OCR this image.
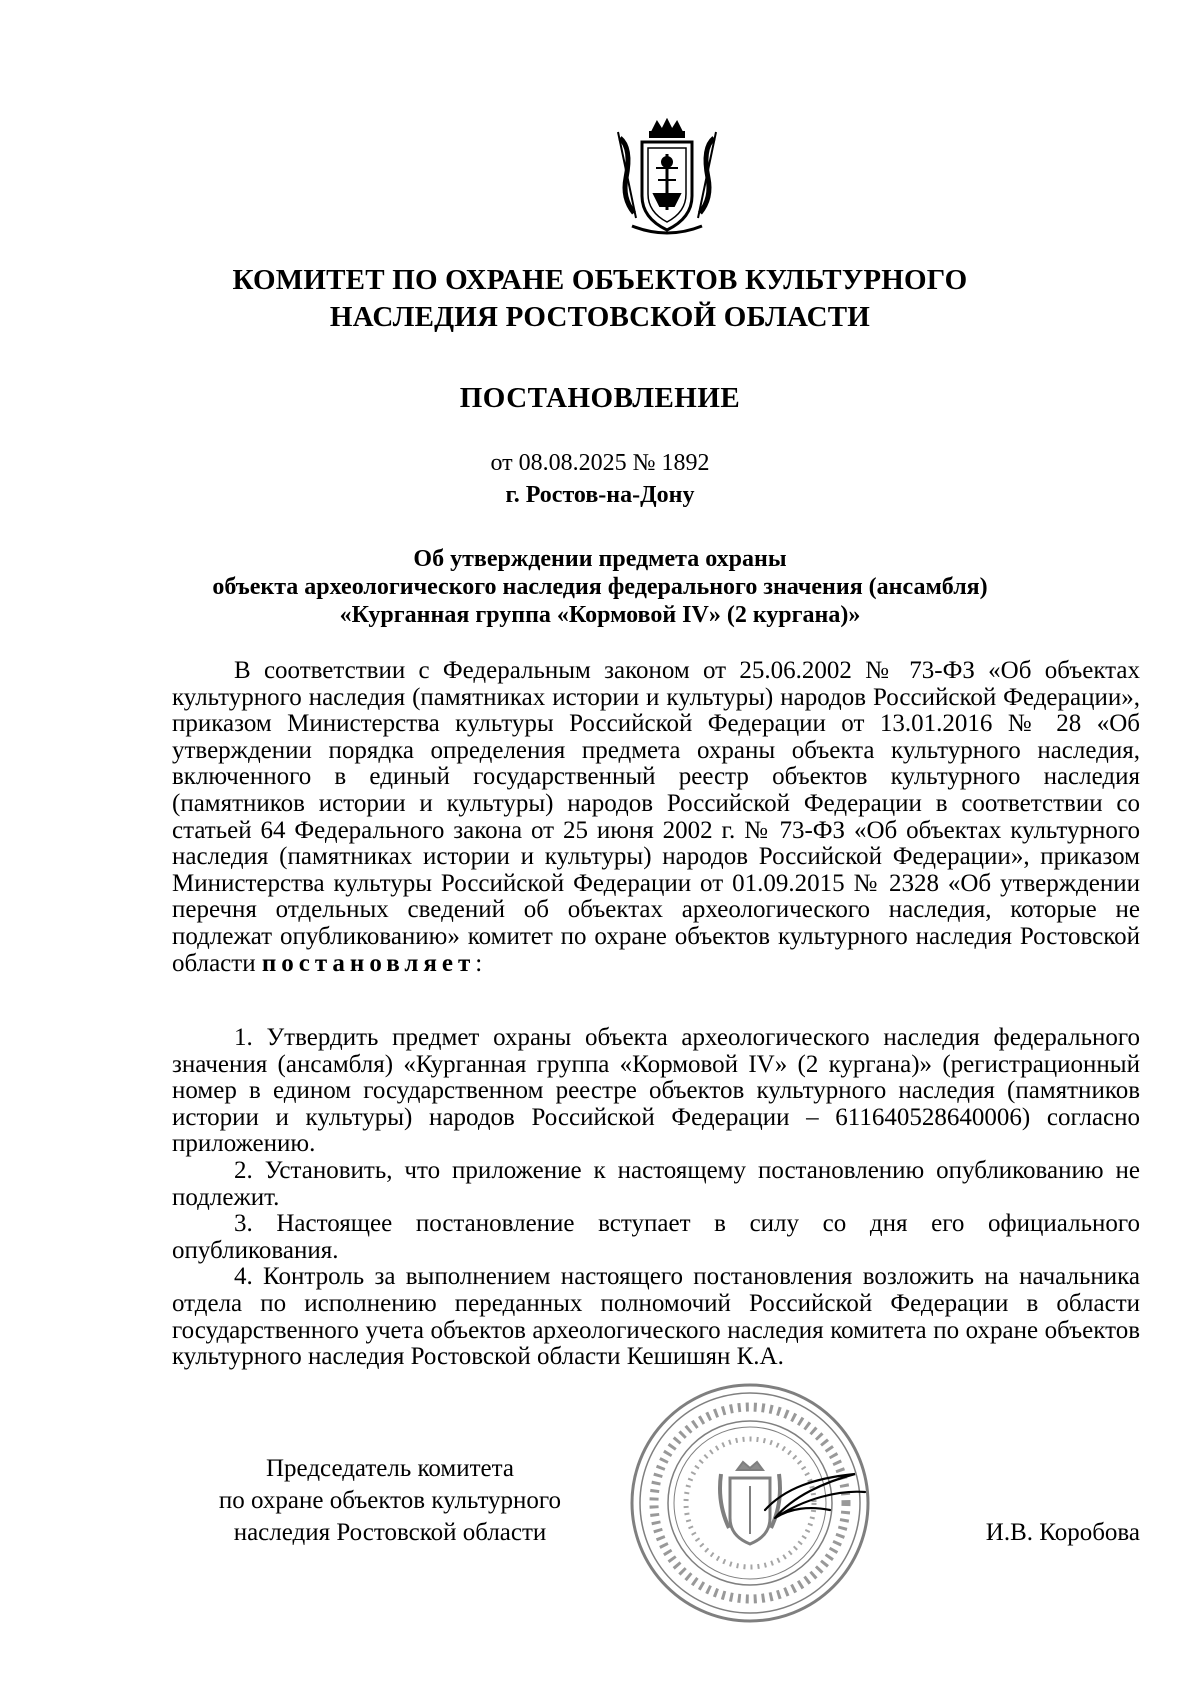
КОМИТЕТ ПО ОХРАНЕ ОБЪЕКТОВ КУЛЬТУРНОГО
НАСЛЕДИЯ РОСТОВСКОЙ ОБЛАСТИ
ПОСТАНОВЛЕНИЕ
от 08.08.2025 № 1892
г. Ростов-на-Дону
Об утверждении предмета охраны
объекта археологического наследия федерального значения (ансамбля)
«Курганная группа «Кормовой IV» (2 кургана)»

В соответствии с Федеральным законом от 25.06.2002 № 73-ФЗ «Об объектах культурного наследия (памятниках истории и культуры) народов Российской Федерации», приказом Министерства культуры Российской Федерации от 13.01.2016 № 28 «Об утверждении порядка определения предмета охраны объекта культурного наследия, включенного в единый государственный реестр объектов культурного наследия (памятников истории и культуры) народов Российской Федерации в соответствии со статьей 64 Федерального закона от 25 июня 2002 г. № 73-ФЗ «Об объектах культурного наследия (памятниках истории и культуры) народов Российской Федерации», приказом Министерства культуры Российской Федерации от 01.09.2015 № 2328 «Об утверждении перечня отдельных сведений об объектах археологического наследия, которые не подлежат опубликованию» комитет по охране объектов культурного наследия Ростовской области постановляет:

1. Утвердить предмет охраны объекта археологического наследия федерального значения (ансамбля) «Курганная группа «Кормовой IV» (2 кургана)» (регистрационный номер в едином государственном реестре объектов культурного наследия (памятников истории и культуры) народов Российской Федерации – 611640528640006) согласно приложению.

2. Установить, что приложение к настоящему постановлению опубликованию не подлежит.

3. Настоящее постановление вступает в силу со дня его официального опубликования.

4. Контроль за выполнением настоящего постановления возложить на начальника отдела по исполнению переданных полномочий Российской Федерации в области государственного учета объектов археологического наследия комитета по охране объектов культурного наследия Ростовской области Кешишян К.А.

Председатель комитета
по охране объектов культурного
наследия Ростовской области	И.В. Коробова
